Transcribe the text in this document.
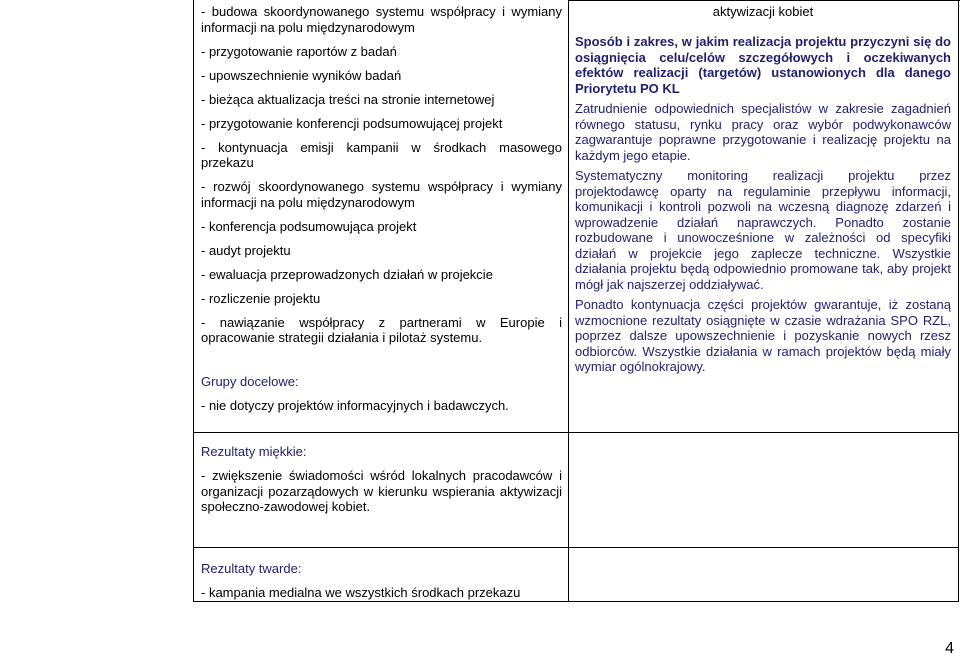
- budowa skoordynowanego systemu współpracy i wymiany informacji na polu międzynarodowym

- przygotowanie raportów z badań

- upowszechnienie wyników badań

- bieżąca aktualizacja treści na stronie internetowej

- przygotowanie konferencji podsumowującej projekt

- kontynuacja emisji kampanii w środkach masowego przekazu

- rozwój skoordynowanego systemu współpracy i wymiany informacji na polu międzynarodowym

- konferencja podsumowująca projekt

- audyt projektu

- ewaluacja przeprowadzonych działań w projekcie

- rozliczenie projektu

- nawiązanie współpracy z partnerami w Europie i opracowanie strategii działania i pilotaż systemu.

Grupy docelowe:
- nie dotyczy projektów informacyjnych i badawczych.
aktywizacji kobiet

Sposób i zakres, w jakim realizacja projektu przyczyni się do osiągnięcia celu/celów szczegółowych i oczekiwanych efektów realizacji (targetów) ustanowionych dla danego Priorytetu PO KL

Zatrudnienie odpowiednich specjalistów w zakresie zagadnień równego statusu, rynku pracy oraz wybór podwykonawców zagwarantuje poprawne przygotowanie i realizację projektu na każdym jego etapie.

Systematyczny monitoring realizacji projektu przez projektodawcę oparty na regulaminie przepływu informacji, komunikacji i kontroli pozwoli na wczesną diagnozę zdarzeń i wprowadzenie działań naprawczych. Ponadto zostanie rozbudowane i unowocześnione w zależności od specyfiki działań w projekcie jego zaplecze techniczne. Wszystkie działania projektu będą odpowiednio promowane tak, aby projekt mógł jak najszerzej oddziaływać.

Ponadto kontynuacja części projektów gwarantuje, iż zostaną wzmocnione rezultaty osiągnięte w czasie wdrażania SPO RZL, poprzez dalsze upowszechnienie i pozyskanie nowych rzesz odbiorców. Wszystkie działania w ramach projektów będą miały wymiar ogólnokrajowy.

Rezultaty miękkie:
- zwiększenie świadomości wśród lokalnych pracodawców i organizacji pozarządowych w kierunku wspierania aktywizacji społeczno-zawodowej kobiet.
Rezultaty twarde:
- kampania medialna we wszystkich środkach przekazu
4
